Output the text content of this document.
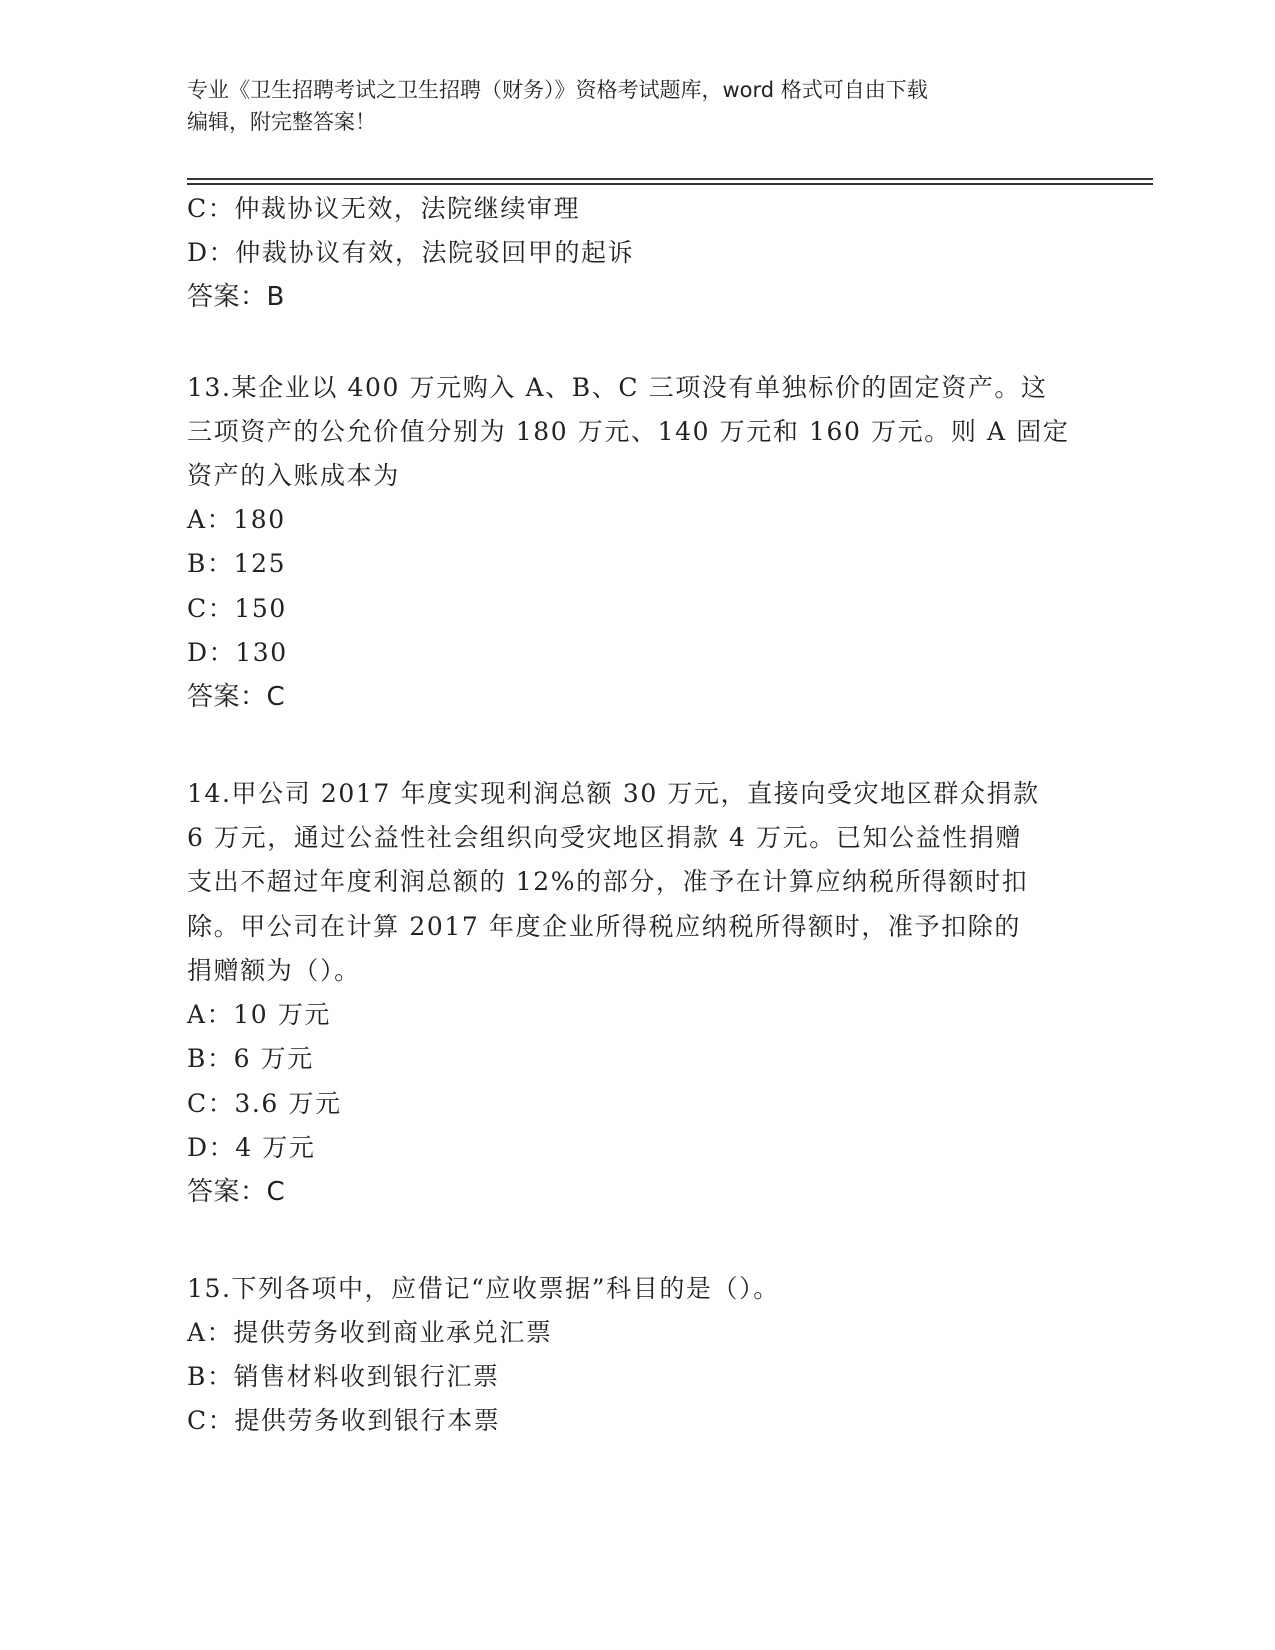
专业《卫生招聘考试之卫生招聘（财务）》资格考试题库，word 格式可自由下载
编辑，附完整答案！
C：仲裁协议无效，法院继续审理
D：仲裁协议有效，法院驳回甲的起诉
答案：B
13.某企业以 400 万元购入 A、B、C 三项没有单独标价的固定资产。这
三项资产的公允价值分别为 180 万元、140 万元和 160 万元。则 A 固定
资产的入账成本为
A：180
B：125
C：150
D：130
答案：C
14.甲公司 2017 年度实现利润总额 30 万元，直接向受灾地区群众捐款
6 万元，通过公益性社会组织向受灾地区捐款 4 万元。已知公益性捐赠
支出不超过年度利润总额的 12%的部分，准予在计算应纳税所得额时扣
除。甲公司在计算 2017 年度企业所得税应纳税所得额时，准予扣除的
捐赠额为（）。
A：10 万元
B：6 万元
C：3.6 万元
D：4 万元
答案：C
15.下列各项中，应借记“应收票据”科目的是（）。
A：提供劳务收到商业承兑汇票
B：销售材料收到银行汇票
C：提供劳务收到银行本票
